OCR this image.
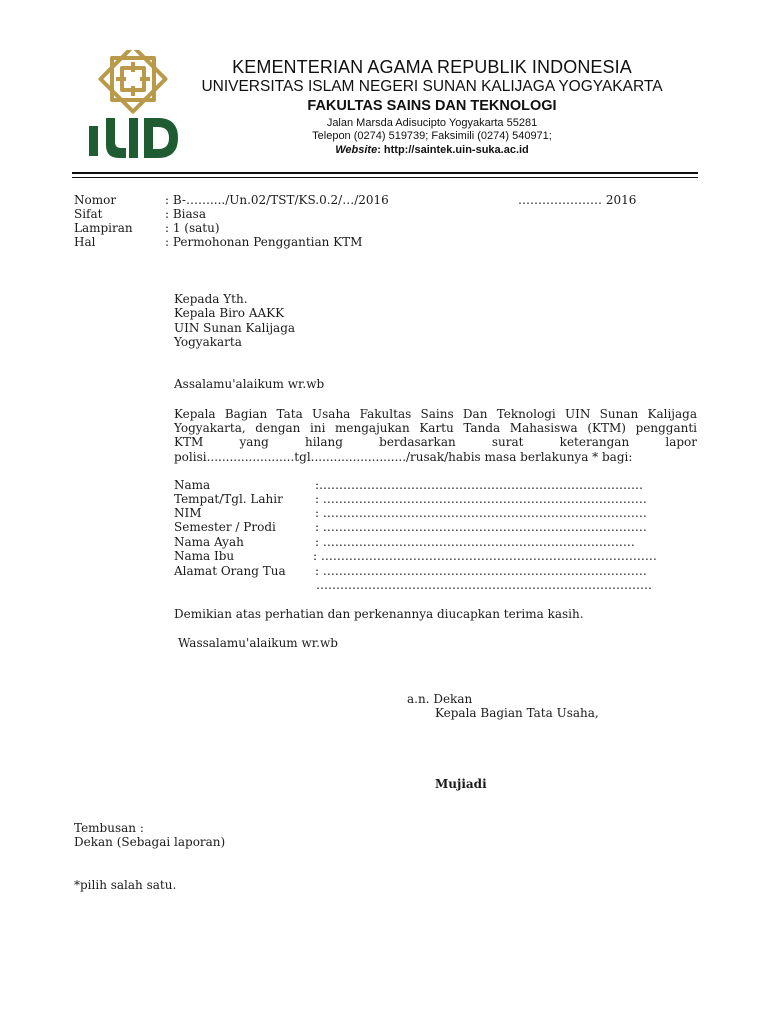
UIN
KEMENTERIAN AGAMA REPUBLIK INDONESIA
UNIVERSITAS ISLAM NEGERI SUNAN KALIJAGA YOGYAKARTA
FAKULTAS SAINS DAN TEKNOLOGI
Jalan Marsda Adisucipto Yogyakarta 55281
Telepon (0274) 519739; Faksimili (0274) 540971;
Website: http://saintek.uin-suka.ac.id
Nomor	: B-……..../Un.02/TST/KS.0.2/…/2016	………………… 2016
Sifat	: Biasa
Lampiran	: 1 (satu)
Hal	: Permohonan Penggantian KTM
Kepada Yth.
Kepala Biro AAKK
UIN Sunan Kalijaga
Yogyakarta
Assalamu'alaikum wr.wb
Kepala Bagian Tata Usaha Fakultas Sains Dan Teknologi UIN Sunan Kalijaga
Yogyakarta, dengan ini mengajukan Kartu Tanda Mahasiswa (KTM) pengganti
KTM yang hilang berdasarkan surat keterangan lapor
polisi.......................tgl........................./rusak/habis masa berlakunya * bagi:
Nama	:………………………………………………………………………
Tempat/Tgl. Lahir	: ………………………………………………………………………
NIM	: ………………………………………………………………………
Semester / Prodi	: ………………………………………………………………………
Nama Ayah	: ……………………………………………………………………
Nama Ibu	: …………………………………………………………………………
Alamat Orang Tua : ………………………………………………………………………
…………………………………………………………………………
Demikian atas perhatian dan perkenannya diucapkan terima kasih.
Wassalamu'alaikum wr.wb
a.n. Dekan
Kepala Bagian Tata Usaha,
Mujiadi
Tembusan :
Dekan (Sebagai laporan)
*pilih salah satu.
